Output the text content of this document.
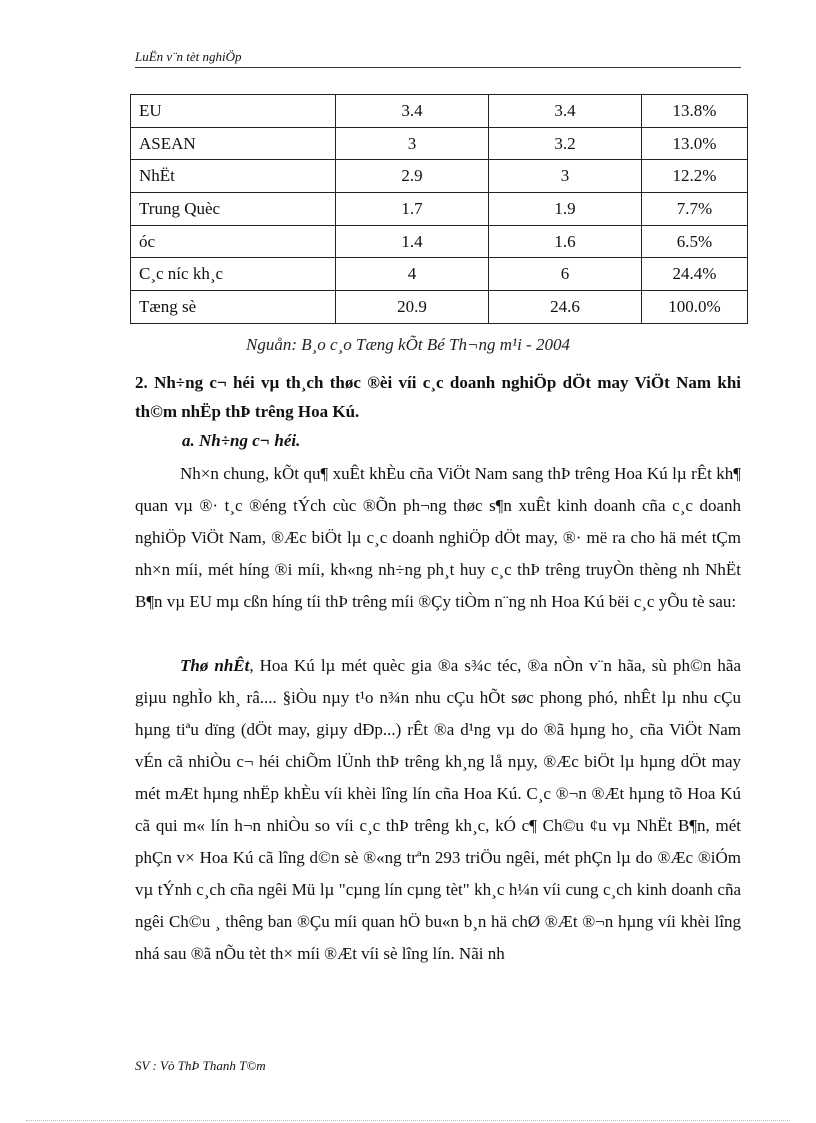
LuËn v¨n tèt nghiÖp
EU	3.4	3.4	13.8%
ASEAN	3	3.2	13.0%
NhËt	2.9	3	12.2%
Trung Quèc	1.7	1.9	7.7%
óc	1.4	1.6	6.5%
C¸c níc kh¸c	4	6	24.4%
Tæng sè	20.9	24.6	100.0%
Nguån: B¸o c¸o Tæng kÕt Bé Th¬ng m¹i - 2004
2. Nh÷ng c¬ héi vµ th¸ch thøc ®èi víi c¸c doanh nghiÖp dÖt may ViÖt Nam khi th©m nhËp thÞ trêng Hoa Kú.
a. Nh÷ng c¬ héi.
Nh×n chung, kÕt qu¶ xuÊt khÈu cña ViÖt Nam sang thÞ trêng Hoa Kú lµ rÊt kh¶ quan vµ ®· t¸c ®éng tÝch cùc ®Õn ph¬ng thøc s¶n xuÊt kinh doanh cña c¸c doanh nghiÖp ViÖt Nam, ®Æc biÖt lµ c¸c doanh nghiÖp dÖt may, ®· më ra cho hä mét tÇm nh×n míi, mét híng ®i míi, kh«ng nh÷ng ph¸t huy c¸c thÞ trêng truyÒn thèng nh NhËt B¶n vµ EU mµ cßn híng tíi thÞ trêng míi ®Çy tiÒm n¨ng nh Hoa Kú bëi c¸c yÕu tè sau:
Thø nhÊt, Hoa Kú lµ mét quèc gia ®a s¾c téc, ®a nÒn v¨n hãa, sù ph©n hãa giµu nghÌo kh¸ râ.... §iÒu nµy t¹o n¾n nhu cÇu hÕt søc phong phó, nhÊt lµ nhu cÇu hµng tiªu dïng (dÖt may, giµy dÐp...) rÊt ®a d¹ng vµ do ®ã hµng ho¸ cña ViÖt Nam vÉn cã nhiÒu c¬ héi chiÕm lÜnh thÞ trêng kh¸ng lå nµy, ®Æc biÖt lµ hµng dÖt may mét mÆt hµng nhËp khÈu víi khèi lîng lín cña Hoa Kú. C¸c ®¬n ®Æt hµng tõ Hoa Kú cã qui m« lín h¬n nhiÒu so víi c¸c thÞ trêng kh¸c, kÓ c¶ Ch©u ¢u vµ NhËt B¶n, mét phÇn v× Hoa Kú cã lîng d©n sè ®«ng trªn 293 triÖu ngêi, mét phÇn lµ do ®Æc ®iÓm vµ tÝnh c¸ch cña ngêi Mü lµ "cµng lín cµng tèt" kh¸c h¼n víi cung c¸ch kinh doanh cña ngêi Ch©u ¸ thêng ban ®Çu míi quan hÖ bu«n b¸n hä chØ ®Æt ®¬n hµng víi khèi lîng nhá sau ®ã nÕu tèt th× míi ®Æt víi sè lîng lín. Nãi nh
SV : Vò ThÞ Thanh T©m
